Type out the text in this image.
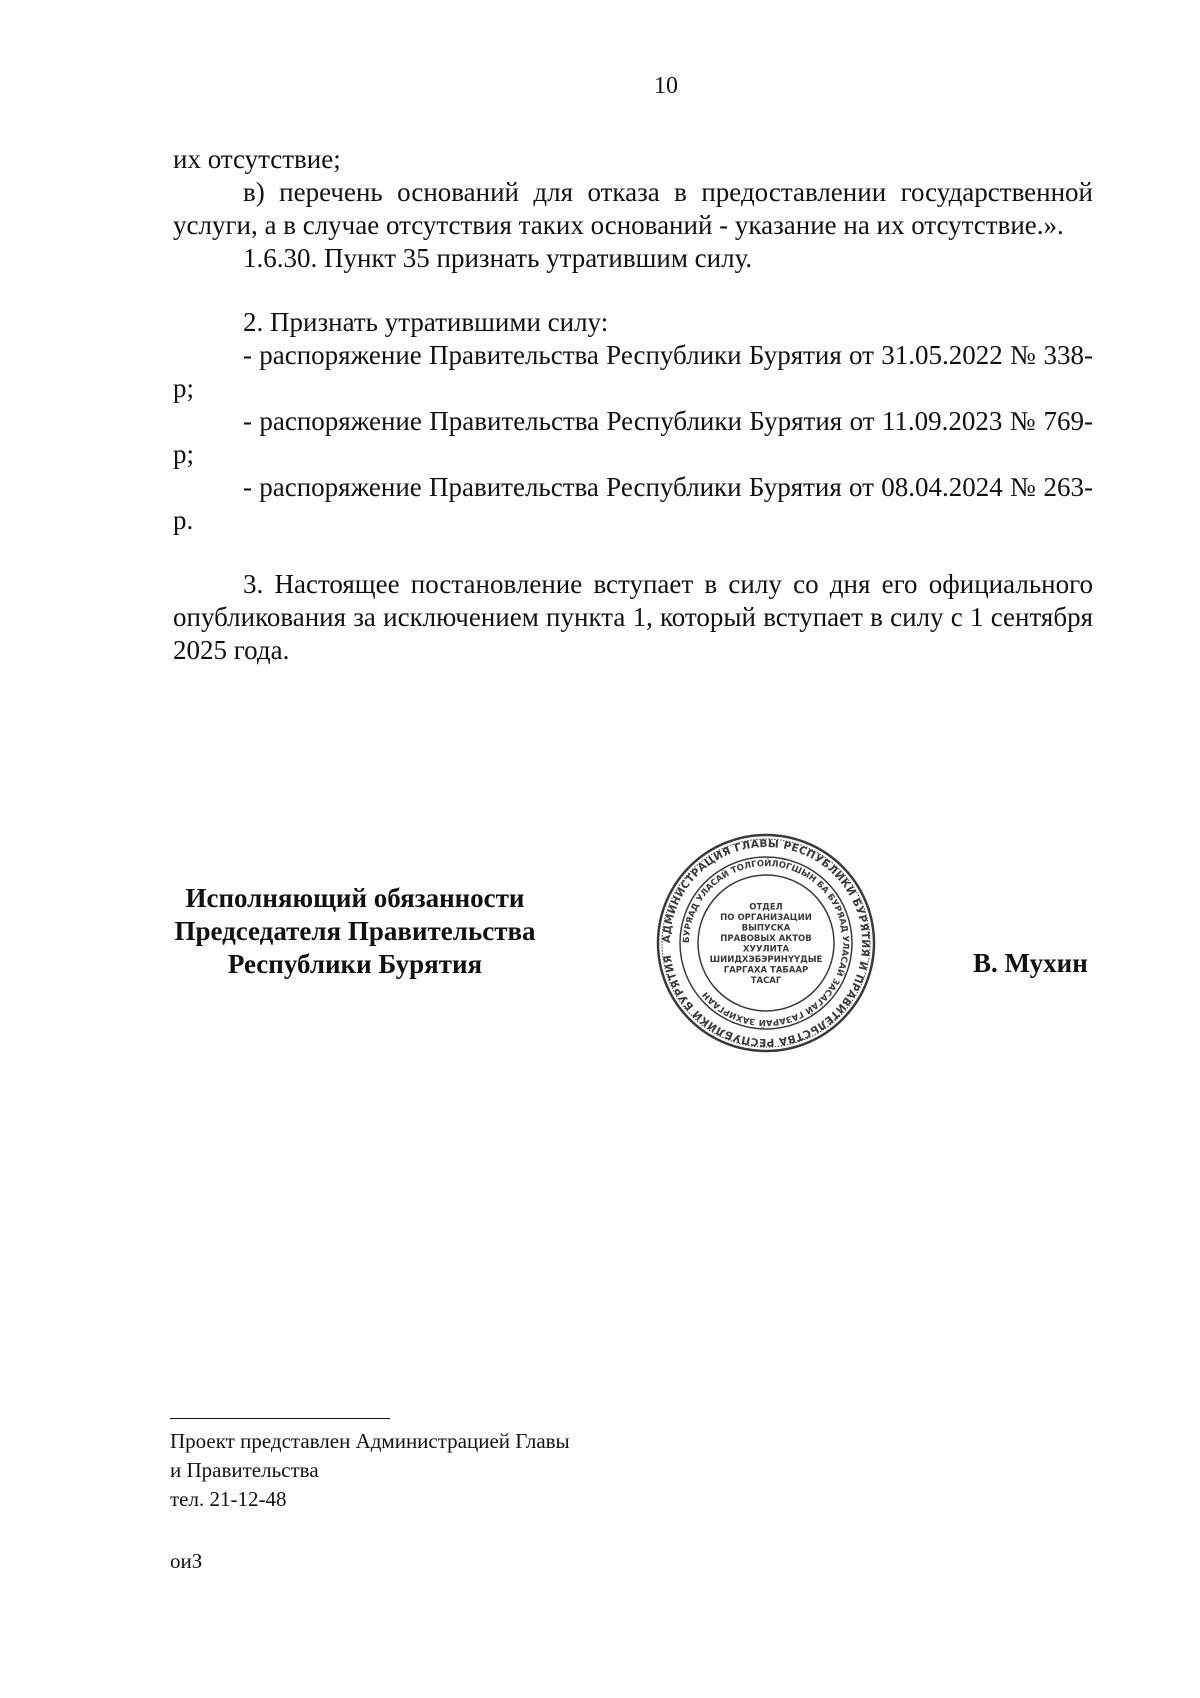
10

их отсутствие;

в) перечень оснований для отказа в предоставлении государственной услуги, а в случае отсутствия таких оснований - указание на их отсутствие.».

1.6.30. Пункт 35 признать утратившим силу.

2. Признать утратившими силу:

- распоряжение Правительства Республики Бурятия от 31.05.2022 № 338-р;

- распоряжение Правительства Республики Бурятия от 11.09.2023 № 769-р;

- распоряжение Правительства Республики Бурятия от 08.04.2024 № 263-р.

3. Настоящее постановление вступает в силу со дня его официального опубликования за исключением пункта 1, который вступает в силу с 1 сентября 2025 года.

Исполняющий обязанности
Председателя Правительства
Республики Бурятия
АДМИНИСТРАЦИЯ ГЛАВЫ РЕСПУБЛИКИ БУРЯТИЯ И ПРАВИТЕЛЬСТВА РЕСПУБЛИКИ БУРЯТИЯ
БУРЯАД УЛАСАЙ ТОЛГОЙЛОГШЫН БА БУРЯАД УЛАСАЙ ЗАСАГАЙ ГАЗАРАЙ ЗАХИРГААН
ОТДЕЛ
ПО ОРГАНИЗАЦИИ
ВЫПУСКА
ПРАВОВЫХ АКТОВ
ХУУЛИТА
ШИИДХЭБЭРИНҮҮДЫЕ
ГАРГАХА ТАБААР
ТАСАГ
В. Мухин
Проект представлен Администрацией Главы
и Правительства
тел. 21-12-48
оиЗ
